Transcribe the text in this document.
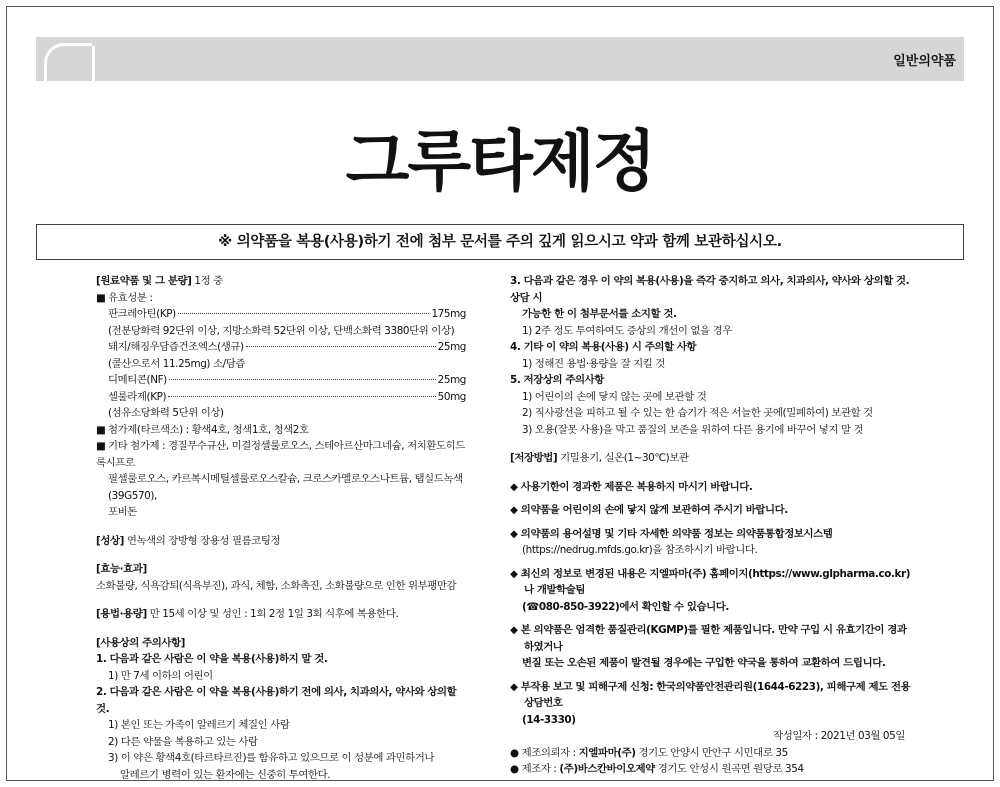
일반의약품
그루타제정
※ 의약품을 복용(사용)하기 전에 첨부 문서를 주의 깊게 읽으시고 약과 함께 보관하십시오.
[원료약품 및 그 분량] 1정 중
■ 유효성분 :
판크레아틴(KP)	175mg
(전분당화력 92단위 이상, 지방소화력 52단위 이상, 단백소화력 3380단위 이상)
돼지/해징우담즙건조엑스(생규)	25mg
(콜산으로서 11.25mg) 소/담즙
디메티콘(NF)	25mg
셀룰라제(KP)	50mg
(섬유소당화력 5단위 이상)
■ 첨가제(타르색소) : 황색4호, 청색1호, 청색2호
■ 기타 첨가제 : 경질무수규산, 미결정셀룰로오스, 스테아르산마그네슘, 저치환도히드록시프로
필셀룰로오스, 카르복시메틸셀룰로오스칼슘, 크로스카멜로오스나트륨, 탭실드녹색(39G570),
포비돈
[성상] 연녹색의 장방형 장용성 필름코팅정
[효능·효과]
소화불량, 식욕감퇴(식욕부진), 과식, 체함, 소화촉진, 소화불량으로 인한 위부팽만감
[용법·용량] 만 15세 이상 및 성인 : 1회 2정 1일 3회 식후에 복용한다.
[사용상의 주의사항]
1. 다음과 같은 사람은 이 약을 복용(사용)하지 말 것.
1) 만 7세 이하의 어린이
2. 다음과 같은 사람은 이 약을 복용(사용)하기 전에 의사, 치과의사, 약사와 상의할 것.
1) 본인 또는 가족이 알레르기 체질인 사람
2) 다른 약물을 복용하고 있는 사람
3) 이 약은 황색4호(타르타르진)를 함유하고 있으므로 이 성분에 과민하거나
알레르기 병력이 있는 환자에는 신중히 투여한다.
3. 다음과 같은 경우 이 약의 복용(사용)을 즉각 중지하고 의사, 치과의사, 약사와 상의할 것. 상담 시
가능한 한 이 첨부문서를 소지할 것.
1) 2주 정도 투여하여도 증상의 개선이 없을 경우
4. 기타 이 약의 복용(사용) 시 주의할 사항
1) 정해진 용법·용량을 잘 지킬 것
5. 저장상의 주의사항
1) 어린이의 손에 닿지 않는 곳에 보관할 것
2) 직사광선을 피하고 될 수 있는 한 습기가 적은 서늘한 곳에(밀폐하여) 보관할 것
3) 오용(잘못 사용)을 막고 품질의 보존을 위하여 다른 용기에 바꾸어 넣지 말 것
[저장방법] 기밀용기, 실온(1~30℃)보관
◆ 사용기한이 경과한 제품은 복용하지 마시기 바랍니다.
◆ 의약품을 어린이의 손에 닿지 않게 보관하여 주시기 바랍니다.
◆ 의약품의 용어설명 및 기타 자세한 의약품 정보는 의약품통합정보시스템
(https://nedrug.mfds.go.kr)을 참조하시기 바랍니다.
◆ 최신의 정보로 변경된 내용은 지엘파마(주) 홈페이지(https://www.glpharma.co.kr)나 개발학술팀
(☎080-850-3922)에서 확인할 수 있습니다.
◆ 본 의약품은 엄격한 품질관리(KGMP)를 필한 제품입니다. 만약 구입 시 유효기간이 경과하였거나
변질 또는 오손된 제품이 발견될 경우에는 구입한 약국을 통하여 교환하여 드립니다.
◆ 부작용 보고 및 피해구제 신청: 한국의약품안전관리원(1644-6223), 피해구제 제도 전용 상담번호
(14-3330)
작성일자 : 2021년 03월 05일
● 제조의뢰자 : 지엘파마(주) 경기도 안양시 만안구 시민대로 35
● 제조자 : (주)바스칸바이오제약 경기도 안성시 원곡면 원당로 354
